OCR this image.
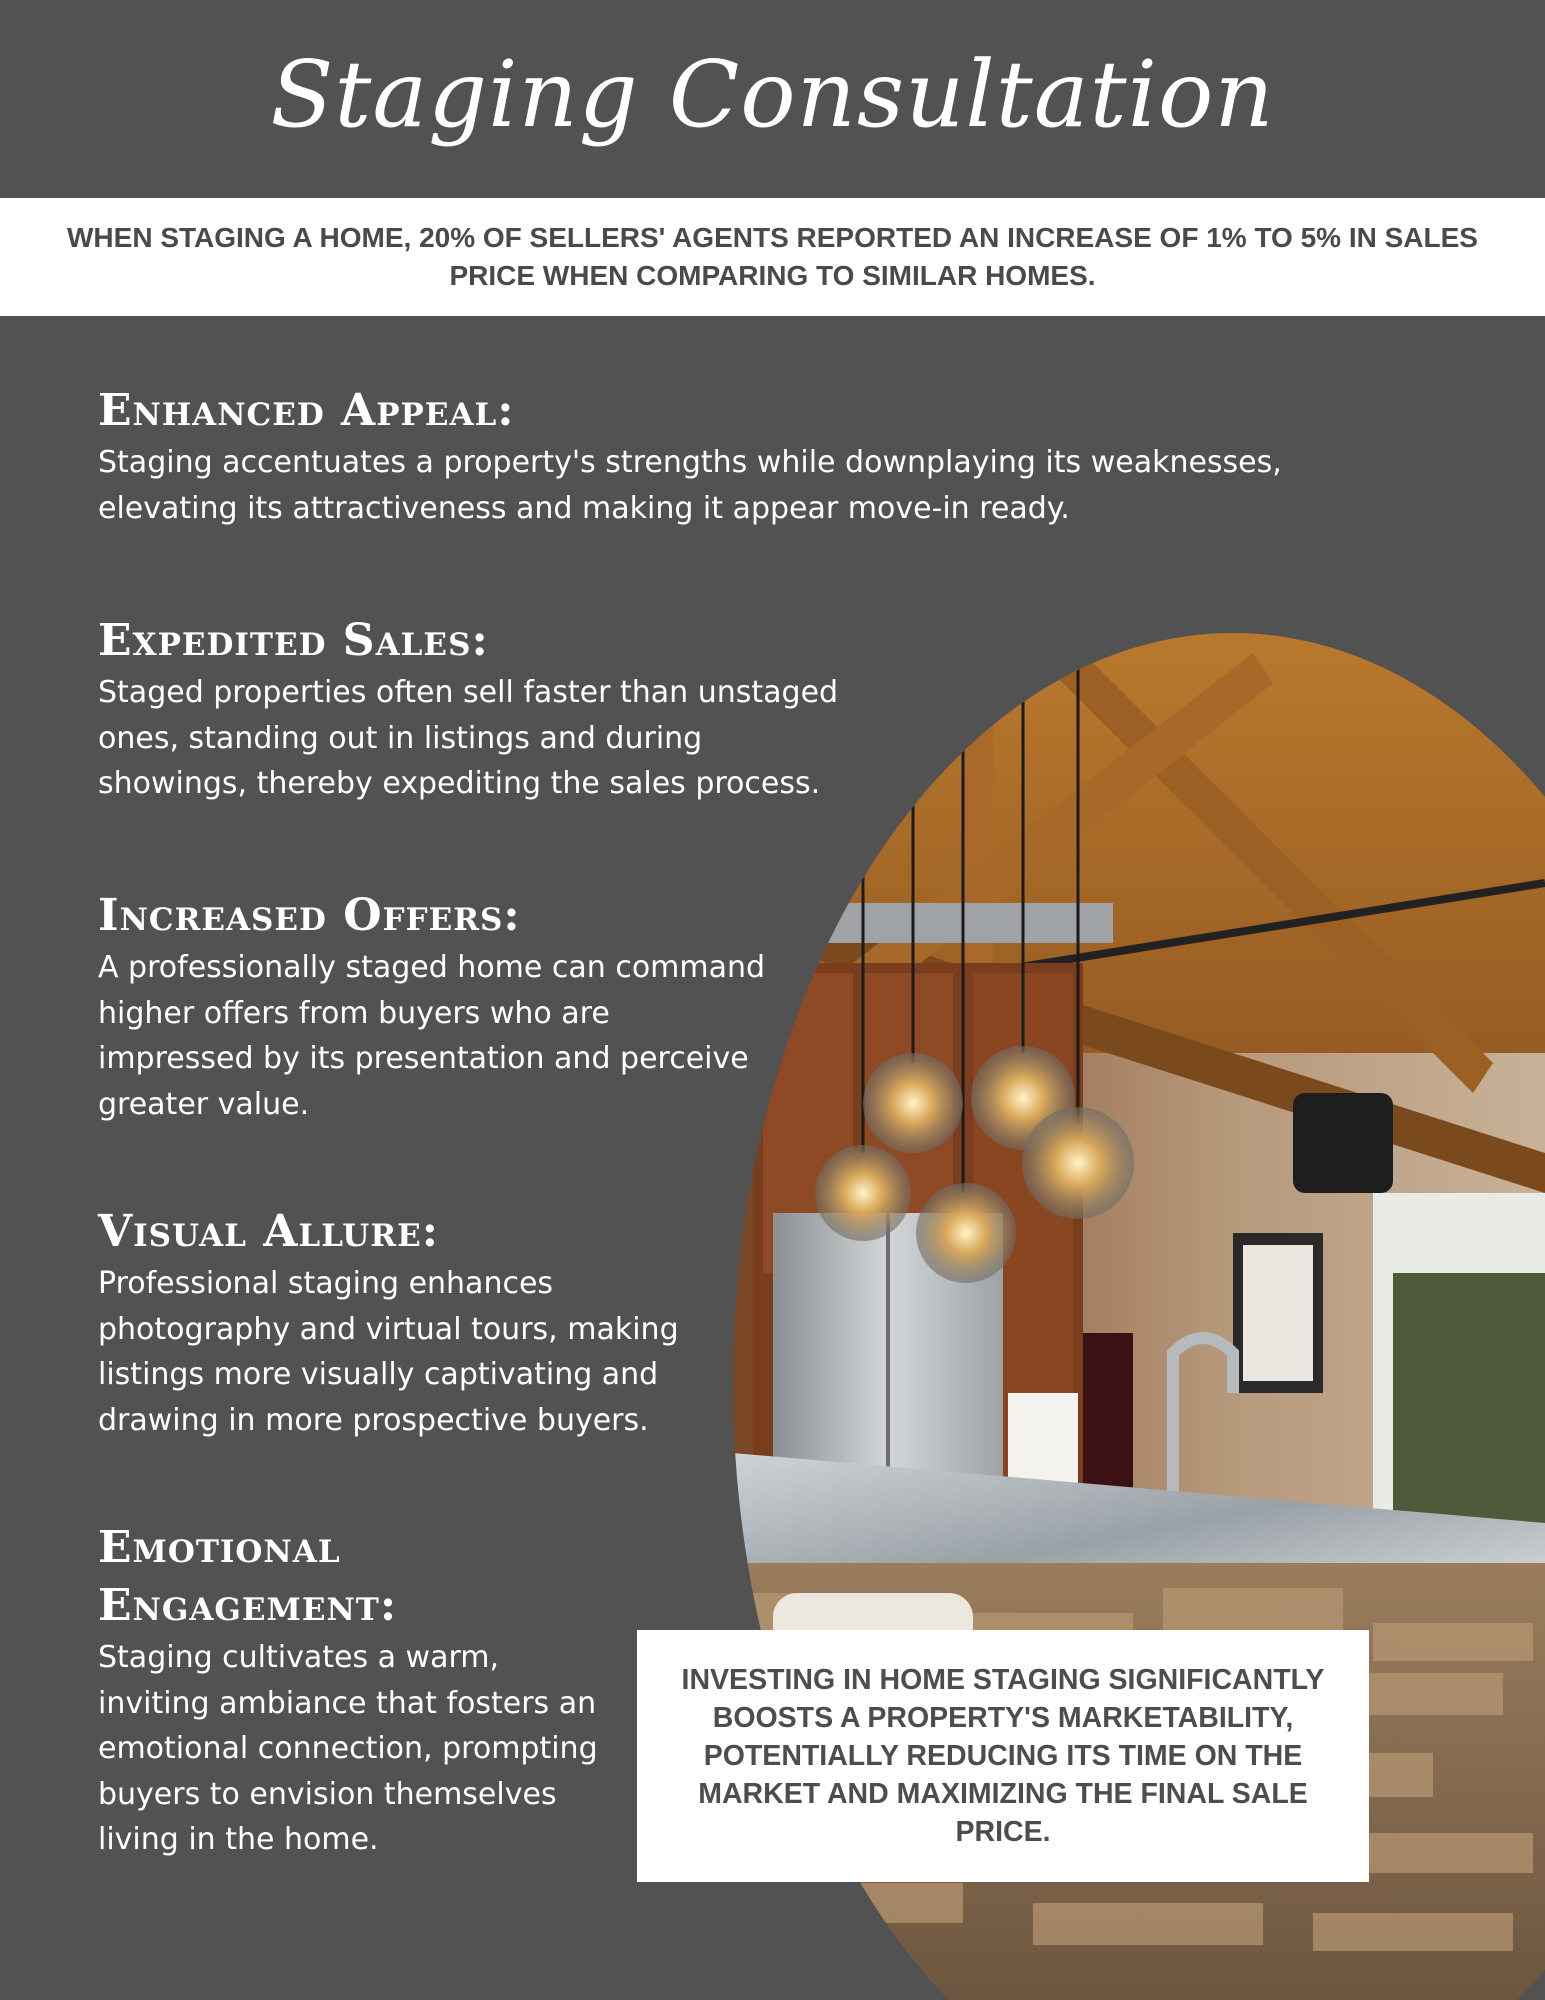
Staging Consultation
WHEN STAGING A HOME, 20% OF SELLERS' AGENTS REPORTED AN INCREASE OF 1% TO 5% IN SALES PRICE WHEN COMPARING TO SIMILAR HOMES.
Enhanced Appeal:

Staging accentuates a property's strengths while downplaying its weaknesses, elevating its attractiveness and making it appear move-in ready.

Expedited Sales:

Staged properties often sell faster than unstaged ones, standing out in listings and during showings, thereby expediting the sales process.

Increased Offers:

A professionally staged home can command higher offers from buyers who are impressed by its presentation and perceive greater value.

Visual Allure:

Professional staging enhances photography and virtual tours, making listings more visually captivating and drawing in more prospective buyers.

Emotional Engagement:

Staging cultivates a warm, inviting ambiance that fosters an emotional connection, prompting buyers to envision themselves living in the home.

INVESTING IN HOME STAGING SIGNIFICANTLY BOOSTS A PROPERTY'S MARKETABILITY, POTENTIALLY REDUCING ITS TIME ON THE MARKET AND MAXIMIZING THE FINAL SALE PRICE.
